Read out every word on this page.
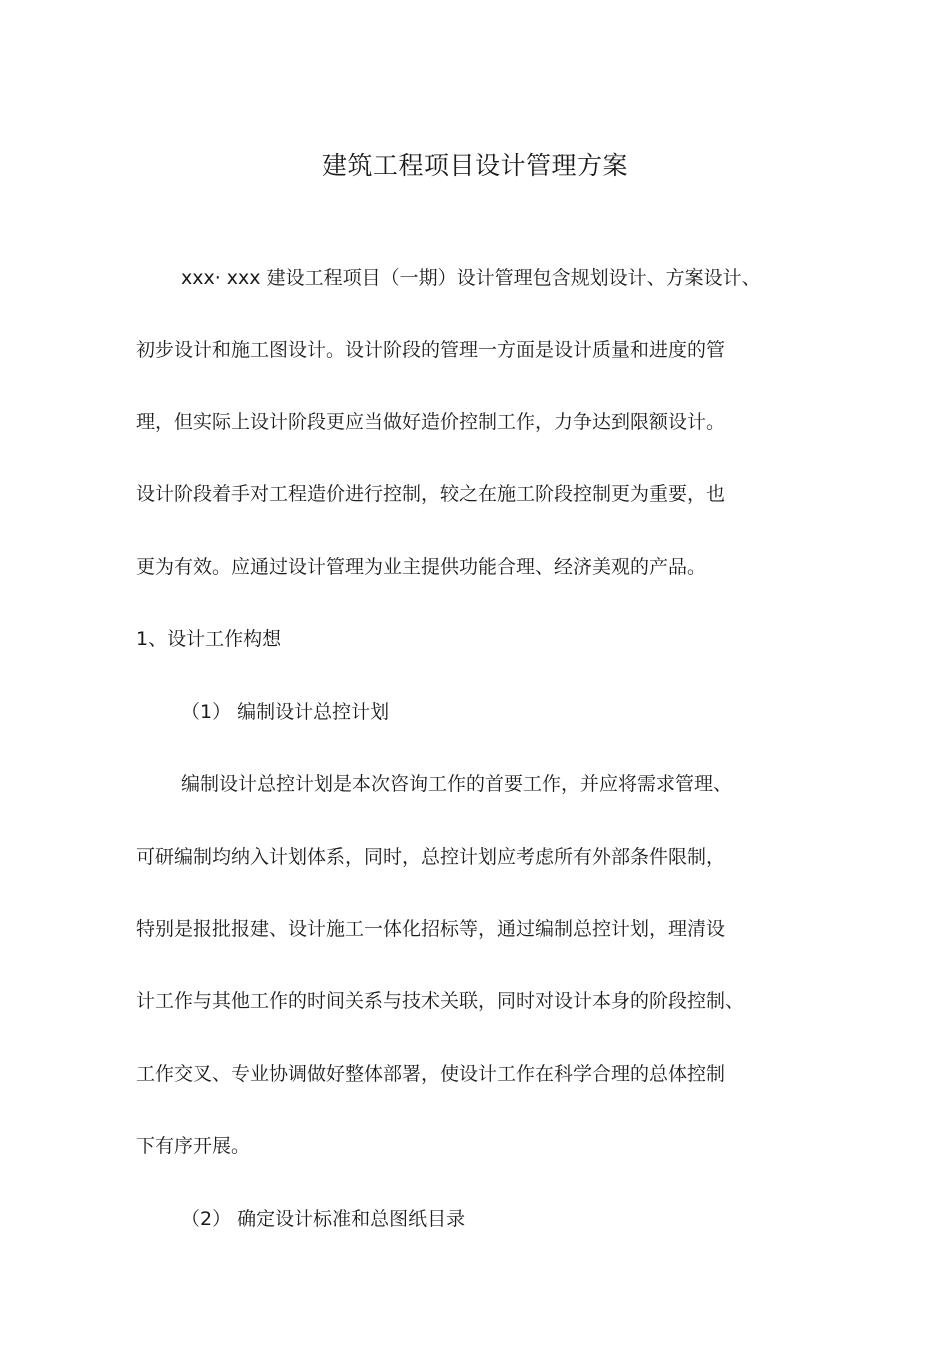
建筑工程项目设计管理方案
xxx· xxx 建设工程项目（一期）设计管理包含规划设计、方案设计、
初步设计和施工图设计。设计阶段的管理一方面是设计质量和进度的管
理，但实际上设计阶段更应当做好造价控制工作，力争达到限额设计。
设计阶段着手对工程造价进行控制，较之在施工阶段控制更为重要，也
更为有效。应通过设计管理为业主提供功能合理、经济美观的产品。
1、设计工作构想
（1） 编制设计总控计划
编制设计总控计划是本次咨询工作的首要工作，并应将需求管理、
可研编制均纳入计划体系，同时，总控计划应考虑所有外部条件限制，
特别是报批报建、设计施工一体化招标等，通过编制总控计划，理清设
计工作与其他工作的时间关系与技术关联，同时对设计本身的阶段控制、
工作交叉、专业协调做好整体部署，使设计工作在科学合理的总体控制
下有序开展。
（2） 确定设计标准和总图纸目录
